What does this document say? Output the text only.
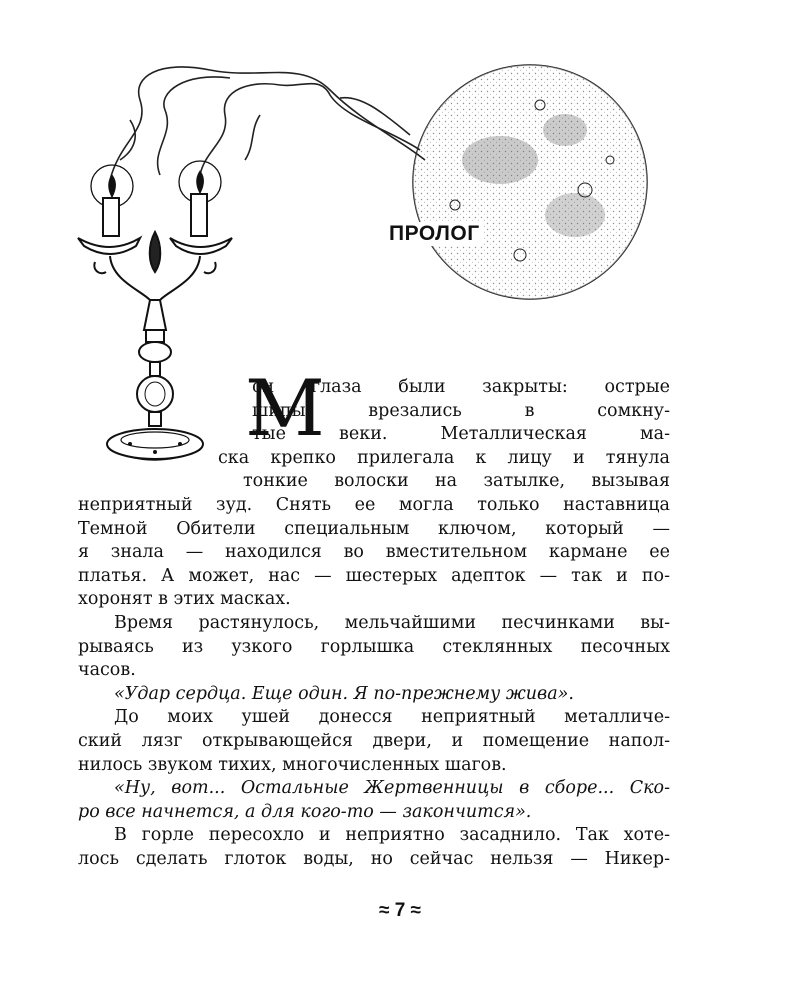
ПРОЛОГ
М
ои глаза были закрыты: острые
шипы врезались в сомкну-
тые веки. Металлическая ма-
ска крепко прилегала к лицу и тянула
тонкие волоски на затылке, вызывая
неприятный зуд. Снять ее могла только наставница
Темной Обители специальным ключом, который —
я знала — находился во вместительном кармане ее
платья. А может, нас — шестерых адепток — так и по-
хоронят в этих масках.
Время растянулось, мельчайшими песчинками вы-
рываясь из узкого горлышка стеклянных песочных
часов.
«Удар сердца. Еще один. Я по-прежнему жива».
До моих ушей донесся неприятный металличе-
ский лязг открывающейся двери, и помещение напол-
нилось звуком тихих, многочисленных шагов.
«Ну, вот... Остальные Жертвенницы в сборе... Ско-
ро все начнется, а для кого-то — закончится».
В горле пересохло и неприятно засаднило. Так хоте-
лось сделать глоток воды, но сейчас нельзя — Никер-
≈ 7 ≈
